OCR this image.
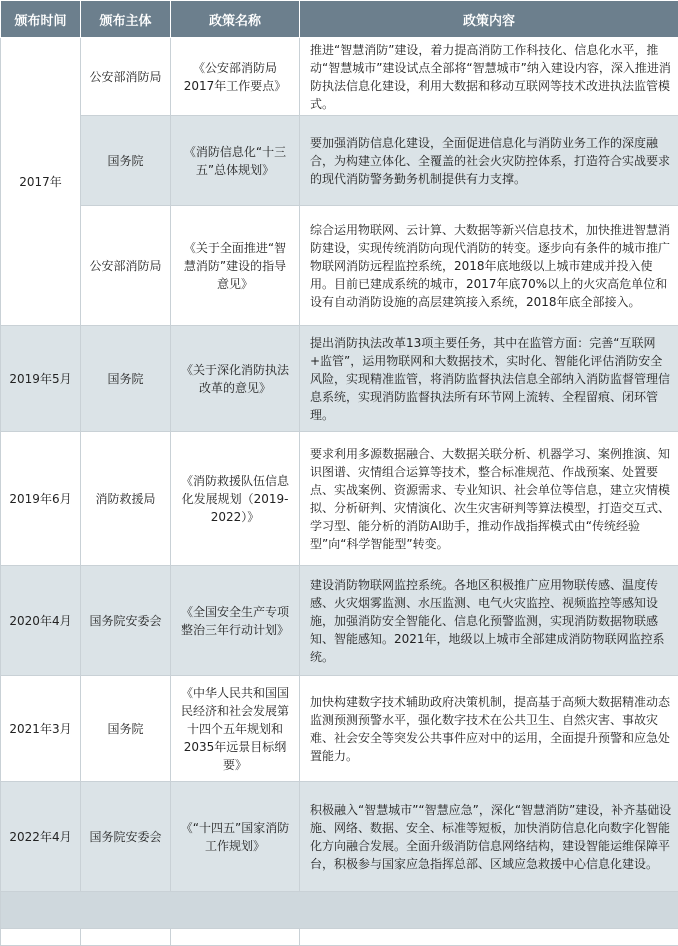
颁布时间	颁布主体	政策名称	政策内容
2017年	公安部消防局	《公安部消防局2017年工作要点》	推进“智慧消防”建设，着力提高消防工作科技化、信息化水平，推动“智慧城市”建设试点全部将“智慧城市”纳入建设内容，深入推进消防执法信息化建设，利用大数据和移动互联网等技术改进执法监管模式。
	国务院	《消防信息化“十三五”总体规划》	要加强消防信息化建设，全面促进信息化与消防业务工作的深度融合，为构建立体化、全覆盖的社会火灾防控体系，打造符合实战要求的现代消防警务勤务机制提供有力支撑。
	公安部消防局	《关于全面推进“智慧消防”建设的指导意见》	综合运用物联网、云计算、大数据等新兴信息技术，加快推进智慧消防建设，实现传统消防向现代消防的转变。逐步向有条件的城市推广物联网消防远程监控系统，2018年底地级以上城市建成并投入使用。目前已建成系统的城市，2017年底70%以上的火灾高危单位和设有自动消防设施的高层建筑接入系统，2018年底全部接入。
2019年5月	国务院	《关于深化消防执法改革的意见》	提出消防执法改革13项主要任务，其中在监管方面：完善“互联网+监管”，运用物联网和大数据技术，实时化、智能化评估消防安全风险，实现精准监管，将消防监督执法信息全部纳入消防监督管理信息系统，实现消防监督执法所有环节网上流转、全程留痕、闭环管理。
2019年6月	消防救援局	《消防救援队伍信息化发展规划（2019-2022）》	要求利用多源数据融合、大数据关联分析、机器学习、案例推演、知识图谱、灾情组合运算等技术，整合标准规范、作战预案、处置要点、实战案例、资源需求、专业知识、社会单位等信息，建立灾情模拟、分析研判、灾情演化、次生灾害研判等算法模型，打造交互式、学习型、能分析的消防AI助手，推动作战指挥模式由“传统经验型”向“科学智能型”转变。
2020年4月	国务院安委会	《全国安全生产专项整治三年行动计划》	建设消防物联网监控系统。各地区积极推广应用物联传感、温度传感、火灾烟雾监测、水压监测、电气火灾监控、视频监控等感知设施，加强消防安全智能化、信息化预警监测，实现消防数据物联感知、智能感知。2021年，地级以上城市全部建成消防物联网监控系统。
2021年3月	国务院	《中华人民共和国国民经济和社会发展第十四个五年规划和2035年远景目标纲要》	加快构建数字技术辅助政府决策机制，提高基于高频大数据精准动态监测预测预警水平，强化数字技术在公共卫生、自然灾害、事故灾难、社会安全等突发公共事件应对中的运用，全面提升预警和应急处置能力。
2022年4月	国务院安委会	《“十四五”国家消防工作规划》	积极融入“智慧城市”“智慧应急”，深化“智慧消防”建设，补齐基础设施、网络、数据、安全、标准等短板，加快消防信息化向数字化智能化方向融合发展。全面升级消防信息网络结构，建设智能运维保障平台，积极参与国家应急指挥总部、区域应急救援中心信息化建设。
